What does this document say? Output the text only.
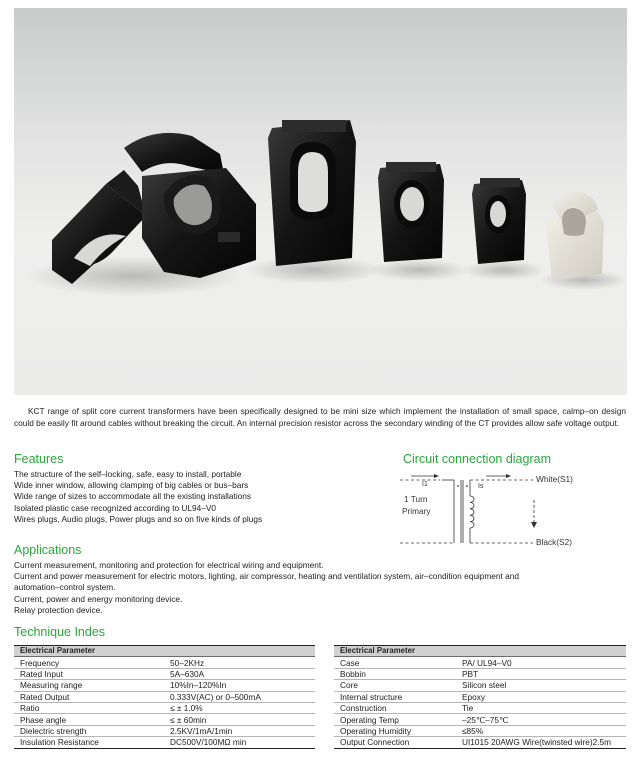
KCT range of split core current transformers have been specifically designed to be mini size which implement the installation of small space, calmp–on design could be easily fit around cables without breaking the circuit. An internal precision resistor across the secondary winding of the CT provides allow safe voltage output.
Features
The structure of the self–locking, safe, easy to install, portable
Wide inner window, allowing clamping of big cables or bus–bars
Wide range of sizes to accommodate all the existing installations
Isolated plastic case recognized according to UL94–V0
Wires plugs, Audio plugs, Power plugs and so on five kinds of plugs
Circuit connection diagram
I1	Is
1 Turn
Primary
White(S1)
Black(S2)
Applications
Current measurement, monitoring and protection for electrical wiring and equipment.
Current and power measurement for electric motors, lighting, air compressor, heating and ventilation system, air–condition equipment and
automation–control system.
Current, power and energy monitoring device.
Relay protection device.
Technique Indes
Electrical Parameter	
Frequency	50–2KHz
Rated Input	5A–630A
Measuring range	10%In–120%In
Rated Output	0.333V(AC) or 0–500mA
Ratio	≤ ± 1.0%
Phase angle	≤ ± 60min
Dielectric strength	2.5KV/1mA/1min
Insulation Resistance	DC500V/100MΩ min
Electrical Parameter	
Case	PA/ UL94–V0
Bobbin	PBT
Core	Silicon steel
Internal structure	Epoxy
Construction	Tie
Operating Temp	–25℃–75℃
Operating Humidity	≤85%
Output Connection	UI1015 20AWG Wire(twinsted wire)2.5m
